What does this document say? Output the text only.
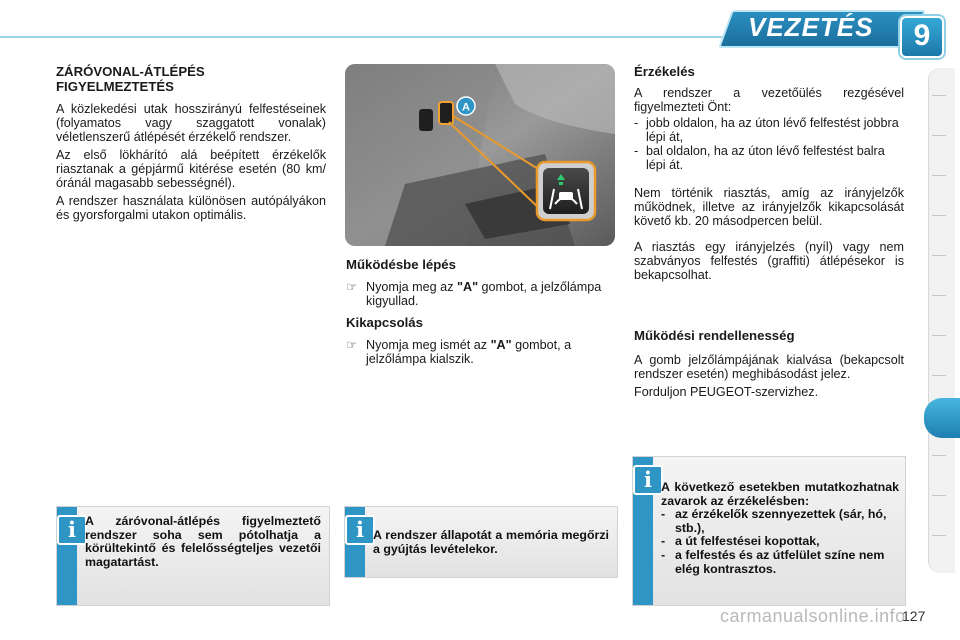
VEZETÉS	9
ZÁRÓVONAL-ÁTLÉPÉS
FIGYELMEZTETÉS

A közlekedési utak hosszirányú felfestéseinek (folyamatos vagy szaggatott vonalak) véletlenszerű átlépését érzékelő rendszer.

Az első lökhárító alá beépített érzékelők riasztanak a gépjármű kitérése esetén (80 km/óránál magasabb sebességnél).

A rendszer használata különösen autópályákon és gyorsforgalmi utakon optimális.

A
Működésbe lépés
☞ Nyomja meg az "A" gombot, a jelzőlámpa kigyullad.
Kikapcsolás
☞ Nyomja meg ismét az "A" gombot, a jelzőlámpa kialszik.
Érzékelés

A rendszer a vezetőülés rezgésével figyelmezteti Önt:

- jobb oldalon, ha az úton lévő felfestést jobbra lépi át,
- bal oldalon, ha az úton lévő felfestést balra lépi át.

Nem történik riasztás, amíg az irányjelzők működnek, illetve az irányjelzők kikapcsolását követő kb. 20 másodpercen belül.

A riasztás egy irányjelzés (nyíl) vagy nem szabványos felfestés (graffiti) átlépésekor is bekapcsolhat.

Működési rendellenesség

A gomb jelzőlámpájának kialvása (bekapcsolt rendszer esetén) meghibásodást jelez.

Forduljon PEUGEOT-szervizhez.

i A záróvonal-átlépés figyelmeztető rendszer soha sem pótolhatja a körültekintő és felelősségteljes vezetői magatartást.
i A rendszer állapotát a memória megőrzi a gyújtás levételekor.
i A következő esetekben mutatkozhatnak zavarok az érzékelésben:
- az érzékelők szennyezettek (sár, hó, stb.),
- a út felfestései kopottak,
- a felfestés és az útfelület színe nem elég kontrasztos.
127
carmanualsonline.info
